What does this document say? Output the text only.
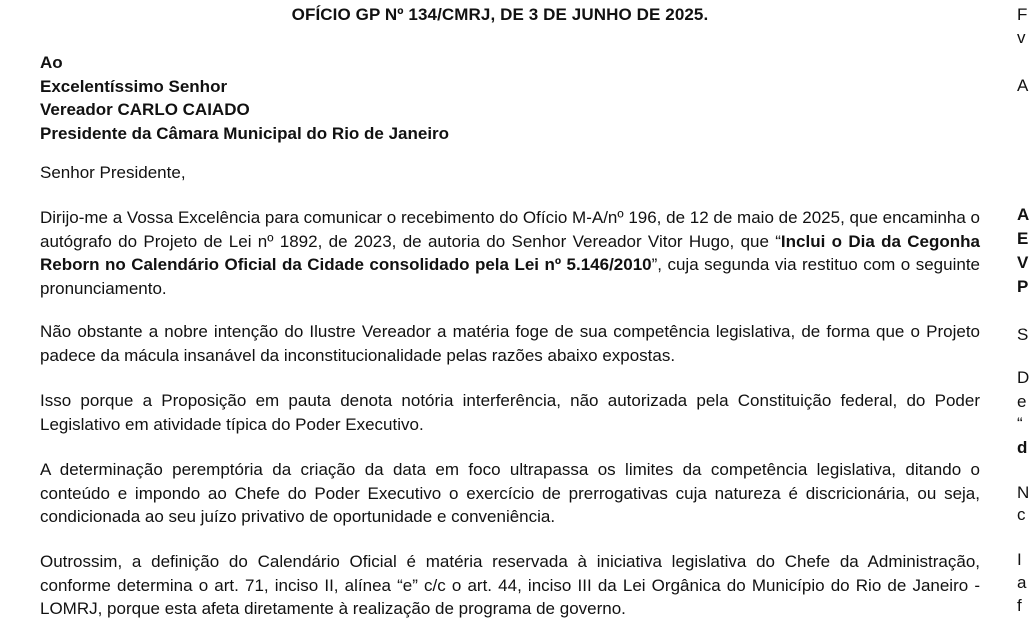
OFÍCIO GP Nº 134/CMRJ, DE 3 DE JUNHO DE 2025.
Ao
Excelentíssimo Senhor
Vereador CARLO CAIADO
Presidente da Câmara Municipal do Rio de Janeiro
Senhor Presidente,
Dirijo-me a Vossa Excelência para comunicar o recebimento do Ofício M-A/nº 196, de 12 de maio de 2025, que encaminha o autógrafo do Projeto de Lei nº 1892, de 2023, de autoria do Senhor Vereador Vitor Hugo, que “Inclui o Dia da Cegonha Reborn no Calendário Oficial da Cidade consolidado pela Lei nº 5.146/2010”, cuja segunda via restituo com o seguinte pronunciamento.
Não obstante a nobre intenção do Ilustre Vereador a matéria foge de sua competência legislativa, de forma que o Projeto padece da mácula insanável da inconstitucionalidade pelas razões abaixo expostas.
Isso porque a Proposição em pauta denota notória interferência, não autorizada pela Constituição federal, do Poder Legislativo em atividade típica do Poder Executivo.
A determinação peremptória da criação da data em foco ultrapassa os limites da competência legislativa, ditando o conteúdo e impondo ao Chefe do Poder Executivo o exercício de prerrogativas cuja natureza é discricionária, ou seja, condicionada ao seu juízo privativo de oportunidade e conveniência.
Outrossim, a definição do Calendário Oficial é matéria reservada à iniciativa legislativa do Chefe da Administração, conforme determina o art. 71, inciso II, alínea “e” c/c o art. 44, inciso III da Lei Orgânica do Município do Rio de Janeiro - LOMRJ, porque esta afeta diretamente à realização de programa de governo.
F
v
A
A
E
V
P
S
D
e
“
d
N
c
I
a
f
